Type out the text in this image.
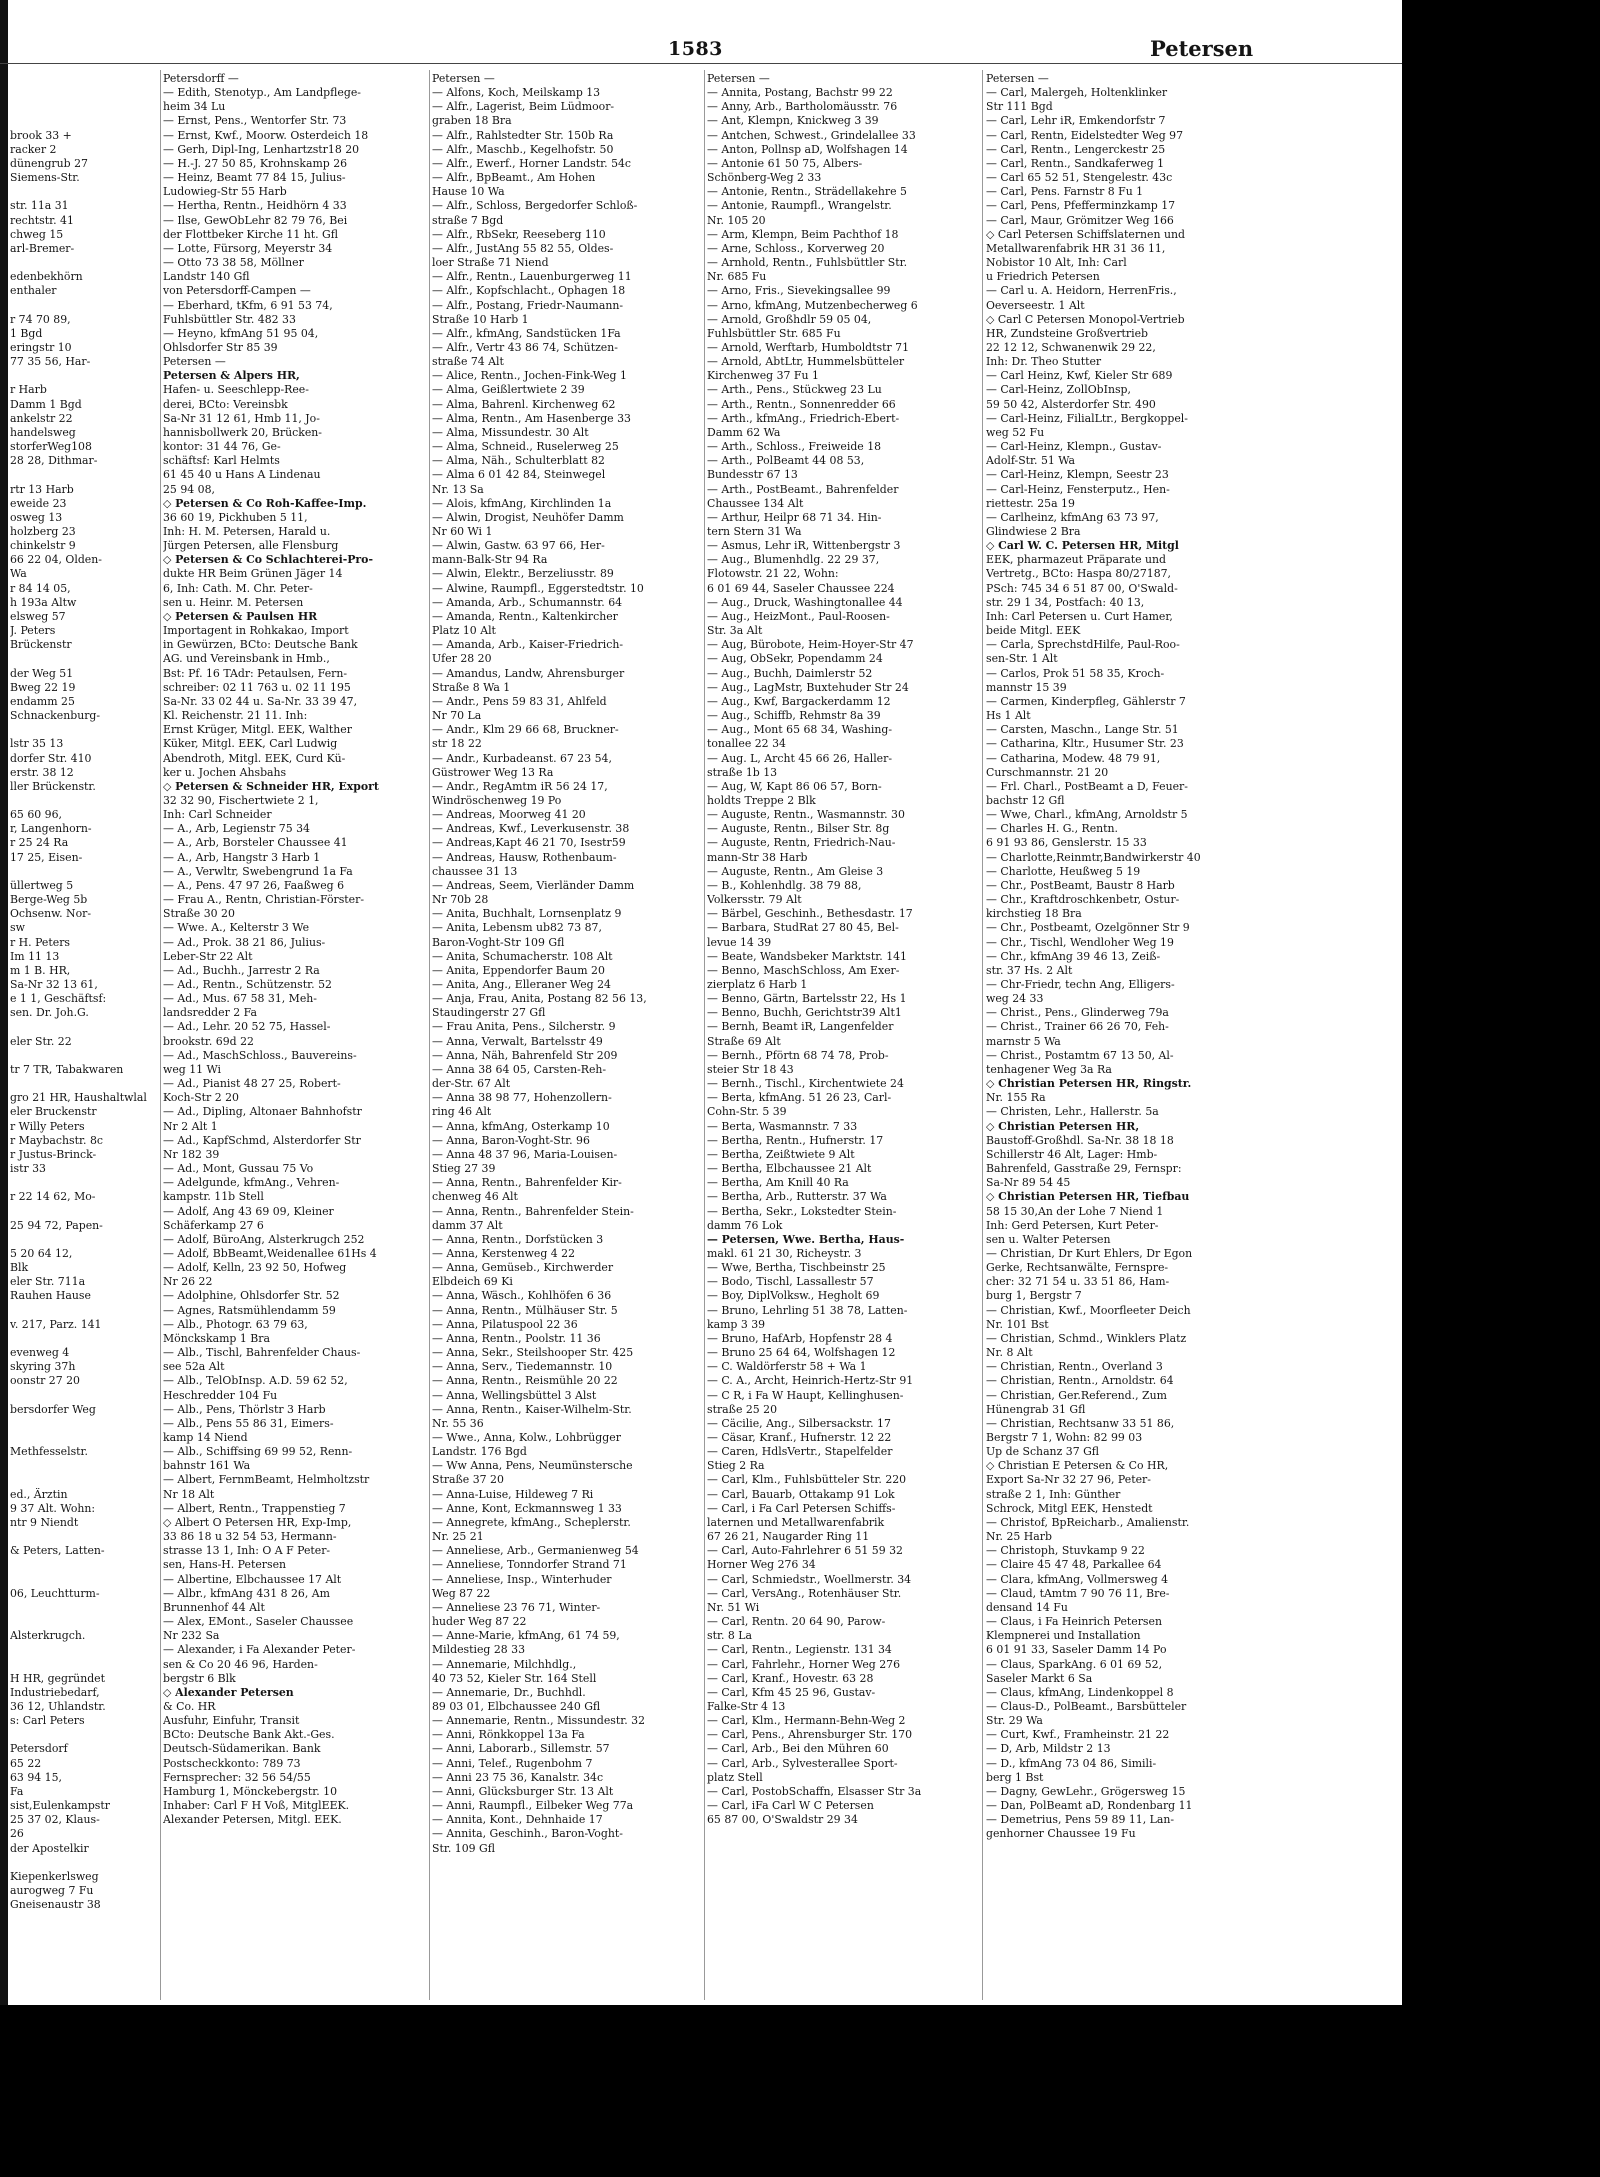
1583	Petersen

brook 33 +
racker 2
dünengrub 27
Siemens-Str.

str. 11a 31
rechtstr. 41
chweg 15
arl-Bremer-

edenbekhörn
enthaler

r 74 70 89,
1 Bgd
eringstr 10
77 35 56, Har-

r Harb
Damm 1 Bgd
ankelstr 22
handelsweg
storferWeg108
28 28, Dithmar-

rtr 13 Harb
eweide 23
osweg 13
holzberg 23
chinkelstr 9
66 22 04, Olden-
Wa
r 84 14 05,
h 193a Altw
elsweg 57
J. Peters
Brückenstr

der Weg 51
Bweg 22 19
endamm 25
Schnackenburg-

lstr 35 13
dorfer Str. 410
erstr. 38 12
ller Brückenstr.

65 60 96,
r, Langenhorn-
r 25 24 Ra
17 25, Eisen-

üllertweg 5
Berge-Weg 5b
Ochsenw. Nor-
sw
r H. Peters
Im 11 13
m 1 B. HR,
Sa-Nr 32 13 61,
e 1 1, Geschäftsf:
sen. Dr. Joh.G.

eler Str. 22

tr 7 TR, Tabakwaren

gro 21 HR, Haushaltwlal
eler Bruckenstr
r Willy Peters
r Maybachstr. 8c
r Justus-Brinck-
istr 33

r 22 14 62, Mo-

25 94 72, Papen-

5 20 64 12,
Blk
eler Str. 711a
Rauhen Hause

v. 217, Parz. 141

evenweg 4
skyring 37h
oonstr 27 20

bersdorfer Weg

Methfesselstr.

ed., Ärztin
9 37 Alt. Wohn:
ntr 9 Niendt

& Peters, Latten-

06, Leuchtturm-

Alsterkrugch.

H HR, gegründet
Industriebedarf,
36 12, Uhlandstr.
s: Carl Peters

Petersdorf
65 22
63 94 15,
Fa
sist,Eulenkampstr
25 37 02, Klaus-
26
der Apostelkir

Kiepenkerlsweg
aurogweg 7 Fu
Gneisenaustr 38
Petersdorff —
— Edith, Stenotyp., Am Landpflege-
heim 34 Lu
— Ernst, Pens., Wentorfer Str. 73
— Ernst, Kwf., Moorw. Osterdeich 18
— Gerh, Dipl-Ing, Lenhartzstr18 20
— H.-J. 27 50 85, Krohnskamp 26
— Heinz, Beamt 77 84 15, Julius-
Ludowieg-Str 55 Harb
— Hertha, Rentn., Heidhörn 4 33
— Ilse, GewObLehr 82 79 76, Bei
der Flottbeker Kirche 11 ht. Gfl
— Lotte, Fürsorg, Meyerstr 34
— Otto 73 38 58, Möllner
Landstr 140 Gfl
von Petersdorff-Campen —
— Eberhard, tKfm, 6 91 53 74,
Fuhlsbüttler Str. 482 33
— Heyno, kfmAng 51 95 04,
Ohlsdorfer Str 85 39
Petersen —
Petersen & Alpers HR,
Hafen- u. Seeschlepp-Ree-
derei, BCto: Vereinsbk
Sa-Nr 31 12 61, Hmb 11, Jo-
hannisbollwerk 20, Brücken-
kontor: 31 44 76, Ge-
schäftsf: Karl Helmts
61 45 40 u Hans A Lindenau
25 94 08,
◇ Petersen & Co Roh-Kaffee-Imp.
36 60 19, Pickhuben 5 11,
Inh: H. M. Petersen, Harald u.
Jürgen Petersen, alle Flensburg
◇ Petersen & Co Schlachterei-Pro-
dukte HR Beim Grünen Jäger 14
6, Inh: Cath. M. Chr. Peter-
sen u. Heinr. M. Petersen
◇ Petersen & Paulsen HR
Importagent in Rohkakao, Import
in Gewürzen, BCto: Deutsche Bank
AG. und Vereinsbank in Hmb.,
Bst: Pf. 16 TAdr: Petaulsen, Fern-
schreiber: 02 11 763 u. 02 11 195
Sa-Nr. 33 02 44 u. Sa-Nr. 33 39 47,
Kl. Reichenstr. 21 11. Inh:
Ernst Krüger, Mitgl. EEK, Walther
Küker, Mitgl. EEK, Carl Ludwig
Abendroth, Mitgl. EEK, Curd Kü-
ker u. Jochen Ahsbahs
◇ Petersen & Schneider HR, Export
32 32 90, Fischertwiete 2 1,
Inh: Carl Schneider
— A., Arb, Legienstr 75 34
— A., Arb, Borsteler Chaussee 41
— A., Arb, Hangstr 3 Harb 1
— A., Verwltr, Swebengrund 1a Fa
— A., Pens. 47 97 26, Faaßweg 6
— Frau A., Rentn, Christian-Förster-
Straße 30 20
— Wwe. A., Kelterstr 3 We
— Ad., Prok. 38 21 86, Julius-
Leber-Str 22 Alt
— Ad., Buchh., Jarrestr 2 Ra
— Ad., Rentn., Schützenstr. 52
— Ad., Mus. 67 58 31, Meh-
landsredder 2 Fa
— Ad., Lehr. 20 52 75, Hassel-
brookstr. 69d 22
— Ad., MaschSchloss., Bauvereins-
weg 11 Wi
— Ad., Pianist 48 27 25, Robert-
Koch-Str 2 20
— Ad., Dipling, Altonaer Bahnhofstr
Nr 2 Alt 1
— Ad., KapfSchmd, Alsterdorfer Str
Nr 182 39
— Ad., Mont, Gussau 75 Vo
— Adelgunde, kfmAng., Vehren-
kampstr. 11b Stell
— Adolf, Ang 43 69 09, Kleiner
Schäferkamp 27 6
— Adolf, BüroAng, Alsterkrugch 252
— Adolf, BbBeamt,Weidenallee 61Hs 4
— Adolf, Kelln, 23 92 50, Hofweg
Nr 26 22
— Adolphine, Ohlsdorfer Str. 52
— Agnes, Ratsmühlendamm 59
— Alb., Photogr. 63 79 63,
Mönckskamp 1 Bra
— Alb., Tischl, Bahrenfelder Chaus-
see 52a Alt
— Alb., TelObInsp. A.D. 59 62 52,
Heschredder 104 Fu
— Alb., Pens, Thörlstr 3 Harb
— Alb., Pens 55 86 31, Eimers-
kamp 14 Niend
— Alb., Schiffsing 69 99 52, Renn-
bahnstr 161 Wa
— Albert, FernmBeamt, Helmholtzstr
Nr 18 Alt
— Albert, Rentn., Trappenstieg 7
◇ Albert O Petersen HR, Exp-Imp,
33 86 18 u 32 54 53, Hermann-
strasse 13 1, Inh: O A F Peter-
sen, Hans-H. Petersen
— Albertine, Elbchaussee 17 Alt
— Albr., kfmAng 431 8 26, Am
Brunnenhof 44 Alt
— Alex, EMont., Saseler Chaussee
Nr 232 Sa
— Alexander, i Fa Alexander Peter-
sen & Co 20 46 96, Harden-
bergstr 6 Blk
◇ Alexander Petersen
& Co. HR
Ausfuhr, Einfuhr, Transit
BCto: Deutsche Bank Akt.-Ges.
Deutsch-Südamerikan. Bank
Postscheckkonto: 789 73
Fernsprecher: 32 56 54/55
Hamburg 1, Mönckebergstr. 10
Inhaber: Carl F H Voß, MitglEEK.
Alexander Petersen, Mitgl. EEK.
Petersen —
— Alfons, Koch, Meilskamp 13
— Alfr., Lagerist, Beim Lüdmoor-
graben 18 Bra
— Alfr., Rahlstedter Str. 150b Ra
— Alfr., Maschb., Kegelhofstr. 50
— Alfr., Ewerf., Horner Landstr. 54c
— Alfr., BpBeamt., Am Hohen
Hause 10 Wa
— Alfr., Schloss, Bergedorfer Schloß-
straße 7 Bgd
— Alfr., RbSekr, Reeseberg 110
— Alfr., JustAng 55 82 55, Oldes-
loer Straße 71 Niend
— Alfr., Rentn., Lauenburgerweg 11
— Alfr., Kopfschlacht., Ophagen 18
— Alfr., Postang, Friedr-Naumann-
Straße 10 Harb 1
— Alfr., kfmAng, Sandstücken 1Fa
— Alfr., Vertr 43 86 74, Schützen-
straße 74 Alt
— Alice, Rentn., Jochen-Fink-Weg 1
— Alma, Geißlertwiete 2 39
— Alma, Bahrenl. Kirchenweg 62
— Alma, Rentn., Am Hasenberge 33
— Alma, Missundestr. 30 Alt
— Alma, Schneid., Ruselerweg 25
— Alma, Näh., Schulterblatt 82
— Alma 6 01 42 84, Steinwegel
Nr. 13 Sa
— Alois, kfmAng, Kirchlinden 1a
— Alwin, Drogist, Neuhöfer Damm
Nr 60 Wi 1
— Alwin, Gastw. 63 97 66, Her-
mann-Balk-Str 94 Ra
— Alwin, Elektr., Berzeliusstr. 89
— Alwine, Raumpfl., Eggerstedtstr. 10
— Amanda, Arb., Schumannstr. 64
— Amanda, Rentn., Kaltenkircher
Platz 10 Alt
— Amanda, Arb., Kaiser-Friedrich-
Ufer 28 20
— Amandus, Landw, Ahrensburger
Straße 8 Wa 1
— Andr., Pens 59 83 31, Ahlfeld
Nr 70 La
— Andr., Klm 29 66 68, Bruckner-
str 18 22
— Andr., Kurbadeanst. 67 23 54,
Güstrower Weg 13 Ra
— Andr., RegAmtm iR 56 24 17,
Windröschenweg 19 Po
— Andreas, Moorweg 41 20
— Andreas, Kwf., Leverkusenstr. 38
— Andreas,Kapt 46 21 70, Isestr59
— Andreas, Hausw, Rothenbaum-
chaussee 31 13
— Andreas, Seem, Vierländer Damm
Nr 70b 28
— Anita, Buchhalt, Lornsenplatz 9
— Anita, Lebensm ub82 73 87,
Baron-Voght-Str 109 Gfl
— Anita, Schumacherstr. 108 Alt
— Anita, Eppendorfer Baum 20
— Anita, Ang., Elleraner Weg 24
— Anja, Frau, Anita, Postang 82 56 13,
Staudingerstr 27 Gfl
— Frau Anita, Pens., Silcherstr. 9
— Anna, Verwalt, Bartelsstr 49
— Anna, Näh, Bahrenfeld Str 209
— Anna 38 64 05, Carsten-Reh-
der-Str. 67 Alt
— Anna 38 98 77, Hohenzollern-
ring 46 Alt
— Anna, kfmAng, Osterkamp 10
— Anna, Baron-Voght-Str. 96
— Anna 48 37 96, Maria-Louisen-
Stieg 27 39
— Anna, Rentn., Bahrenfelder Kir-
chenweg 46 Alt
— Anna, Rentn., Bahrenfelder Stein-
damm 37 Alt
— Anna, Rentn., Dorfstücken 3
— Anna, Kerstenweg 4 22
— Anna, Gemüseb., Kirchwerder
Elbdeich 69 Ki
— Anna, Wäsch., Kohlhöfen 6 36
— Anna, Rentn., Mülhäuser Str. 5
— Anna, Pilatuspool 22 36
— Anna, Rentn., Poolstr. 11 36
— Anna, Sekr., Steilshooper Str. 425
— Anna, Serv., Tiedemannstr. 10
— Anna, Rentn., Reismühle 20 22
— Anna, Wellingsbüttel 3 Alst
— Anna, Rentn., Kaiser-Wilhelm-Str.
Nr. 55 36
— Wwe., Anna, Kolw., Lohbrügger
Landstr. 176 Bgd
— Ww Anna, Pens, Neumünstersche
Straße 37 20
— Anna-Luise, Hildeweg 7 Ri
— Anne, Kont, Eckmannsweg 1 33
— Annegrete, kfmAng., Scheplerstr.
Nr. 25 21
— Anneliese, Arb., Germanienweg 54
— Anneliese, Tonndorfer Strand 71
— Anneliese, Insp., Winterhuder
Weg 87 22
— Anneliese 23 76 71, Winter-
huder Weg 87 22
— Anne-Marie, kfmAng, 61 74 59,
Mildestieg 28 33
— Annemarie, Milchhdlg.,
40 73 52, Kieler Str. 164 Stell
— Annemarie, Dr., Buchhdl.
89 03 01, Elbchaussee 240 Gfl
— Annemarie, Rentn., Missundestr. 32
— Anni, Rönkkoppel 13a Fa
— Anni, Laborarb., Sillemstr. 57
— Anni, Telef., Rugenbohm 7
— Anni 23 75 36, Kanalstr. 34c
— Anni, Glücksburger Str. 13 Alt
— Anni, Raumpfl., Eilbeker Weg 77a
— Annita, Kont., Dehnhaide 17
— Annita, Geschinh., Baron-Voght-
Str. 109 Gfl
Petersen —
— Annita, Postang, Bachstr 99 22
— Anny, Arb., Bartholomäusstr. 76
— Ant, Klempn, Knickweg 3 39
— Antchen, Schwest., Grindelallee 33
— Anton, Pollnsp aD, Wolfshagen 14
— Antonie 61 50 75, Albers-
Schönberg-Weg 2 33
— Antonie, Rentn., Strädellakehre 5
— Antonie, Raumpfl., Wrangelstr.
Nr. 105 20
— Arm, Klempn, Beim Pachthof 18
— Arne, Schloss., Korverweg 20
— Arnhold, Rentn., Fuhlsbüttler Str.
Nr. 685 Fu
— Arno, Fris., Sievekingsallee 99
— Arno, kfmAng, Mutzenbecherweg 6
— Arnold, Großhdlr 59 05 04,
Fuhlsbüttler Str. 685 Fu
— Arnold, Werftarb, Humboldtstr 71
— Arnold, AbtLtr, Hummelsbütteler
Kirchenweg 37 Fu 1
— Arth., Pens., Stückweg 23 Lu
— Arth., Rentn., Sonnenredder 66
— Arth., kfmAng., Friedrich-Ebert-
Damm 62 Wa
— Arth., Schloss., Freiweide 18
— Arth., PolBeamt 44 08 53,
Bundesstr 67 13
— Arth., PostBeamt., Bahrenfelder
Chaussee 134 Alt
— Arthur, Heilpr 68 71 34. Hin-
tern Stern 31 Wa
— Asmus, Lehr iR, Wittenbergstr 3
— Aug., Blumenhdlg. 22 29 37,
Flotowstr. 21 22, Wohn:
6 01 69 44, Saseler Chaussee 224
— Aug., Druck, Washingtonallee 44
— Aug., HeizMont., Paul-Roosen-
Str. 3a Alt
— Aug, Bürobote, Heim-Hoyer-Str 47
— Aug, ObSekr, Popendamm 24
— Aug., Buchh, Daimlerstr 52
— Aug., LagMstr, Buxtehuder Str 24
— Aug., Kwf, Bargackerdamm 12
— Aug., Schiffb, Rehmstr 8a 39
— Aug., Mont 65 68 34, Washing-
tonallee 22 34
— Aug. L, Archt 45 66 26, Haller-
straße 1b 13
— Aug, W, Kapt 86 06 57, Born-
holdts Treppe 2 Blk
— Auguste, Rentn., Wasmannstr. 30
— Auguste, Rentn., Bilser Str. 8g
— Auguste, Rentn, Friedrich-Nau-
mann-Str 38 Harb
— Auguste, Rentn., Am Gleise 3
— B., Kohlenhdlg. 38 79 88,
Volkersstr. 79 Alt
— Bärbel, Geschinh., Bethesdastr. 17
— Barbara, StudRat 27 80 45, Bel-
levue 14 39
— Beate, Wandsbeker Marktstr. 141
— Benno, MaschSchloss, Am Exer-
zierplatz 6 Harb 1
— Benno, Gärtn, Bartelsstr 22, Hs 1
— Benno, Buchh, Gerichtstr39 Alt1
— Bernh, Beamt iR, Langenfelder
Straße 69 Alt
— Bernh., Pförtn 68 74 78, Prob-
steier Str 18 43
— Bernh., Tischl., Kirchentwiete 24
— Berta, kfmAng. 51 26 23, Carl-
Cohn-Str. 5 39
— Berta, Wasmannstr. 7 33
— Bertha, Rentn., Hufnerstr. 17
— Bertha, Zeißtwiete 9 Alt
— Bertha, Elbchaussee 21 Alt
— Bertha, Am Knill 40 Ra
— Bertha, Arb., Rutterstr. 37 Wa
— Bertha, Sekr., Lokstedter Stein-
damm 76 Lok
— Petersen, Wwe. Bertha, Haus-
makl. 61 21 30, Richeystr. 3
— Wwe, Bertha, Tischbeinstr 25
— Bodo, Tischl, Lassallestr 57
— Boy, DiplVolksw., Hegholt 69
— Bruno, Lehrling 51 38 78, Latten-
kamp 3 39
— Bruno, HafArb, Hopfenstr 28 4
— Bruno 25 64 64, Wolfshagen 12
— C. Waldörferstr 58 + Wa 1
— C. A., Archt, Heinrich-Hertz-Str 91
— C R, i Fa W Haupt, Kellinghusen-
straße 25 20
— Cäcilie, Ang., Silbersackstr. 17
— Cäsar, Kranf., Hufnerstr. 12 22
— Caren, HdlsVertr., Stapelfelder
Stieg 2 Ra
— Carl, Klm., Fuhlsbütteler Str. 220
— Carl, Bauarb, Ottakamp 91 Lok
— Carl, i Fa Carl Petersen Schiffs-
laternen und Metallwarenfabrik
67 26 21, Naugarder Ring 11
— Carl, Auto-Fahrlehrer 6 51 59 32
Horner Weg 276 34
— Carl, Schmiedstr., Woellmerstr. 34
— Carl, VersAng., Rotenhäuser Str.
Nr. 51 Wi
— Carl, Rentn. 20 64 90, Parow-
str. 8 La
— Carl, Rentn., Legienstr. 131 34
— Carl, Fahrlehr., Horner Weg 276
— Carl, Kranf., Hovestr. 63 28
— Carl, Kfm 45 25 96, Gustav-
Falke-Str 4 13
— Carl, Klm., Hermann-Behn-Weg 2
— Carl, Pens., Ahrensburger Str. 170
— Carl, Arb., Bei den Mühren 60
— Carl, Arb., Sylvesterallee Sport-
platz Stell
— Carl, PostobSchaffn, Elsasser Str 3a
— Carl, iFa Carl W C Petersen
65 87 00, O'Swaldstr 29 34
Petersen —
— Carl, Malergeh, Holtenklinker
Str 111 Bgd
— Carl, Lehr iR, Emkendorfstr 7
— Carl, Rentn, Eidelstedter Weg 97
— Carl, Rentn., Lengerckestr 25
— Carl, Rentn., Sandkaferweg 1
— Carl 65 52 51, Stengelestr. 43c
— Carl, Pens. Farnstr 8 Fu 1
— Carl, Pens, Pfefferminzkamp 17
— Carl, Maur, Grömitzer Weg 166
◇ Carl Petersen Schiffslaternen und
Metallwarenfabrik HR 31 36 11,
Nobistor 10 Alt, Inh: Carl
u Friedrich Petersen
— Carl u. A. Heidorn, HerrenFris.,
Oeverseestr. 1 Alt
◇ Carl C Petersen Monopol-Vertrieb
HR, Zundsteine Großvertrieb
22 12 12, Schwanenwik 29 22,
Inh: Dr. Theo Stutter
— Carl Heinz, Kwf, Kieler Str 689
— Carl-Heinz, ZollObInsp,
59 50 42, Alsterdorfer Str. 490
— Carl-Heinz, FilialLtr., Bergkoppel-
weg 52 Fu
— Carl-Heinz, Klempn., Gustav-
Adolf-Str. 51 Wa
— Carl-Heinz, Klempn, Seestr 23
— Carl-Heinz, Fensterputz., Hen-
riettestr. 25a 19
— Carlheinz, kfmAng 63 73 97,
Glindwiese 2 Bra
◇ Carl W. C. Petersen HR, Mitgl
EEK, pharmazeut Präparate und
Vertretg., BCto: Haspa 80/27187,
PSch: 745 34 6 51 87 00, O'Swald-
str. 29 1 34, Postfach: 40 13,
Inh: Carl Petersen u. Curt Hamer,
beide Mitgl. EEK
— Carla, SprechstdHilfe, Paul-Roo-
sen-Str. 1 Alt
— Carlos, Prok 51 58 35, Kroch-
mannstr 15 39
— Carmen, Kinderpfleg, Gählerstr 7
Hs 1 Alt
— Carsten, Maschn., Lange Str. 51
— Catharina, Kltr., Husumer Str. 23
— Catharina, Modew. 48 79 91,
Curschmannstr. 21 20
— Frl. Charl., PostBeamt a D, Feuer-
bachstr 12 Gfl
— Wwe, Charl., kfmAng, Arnoldstr 5
— Charles H. G., Rentn.
6 91 93 86, Genslerstr. 15 33
— Charlotte,Reinmtr,Bandwirkerstr 40
— Charlotte, Heußweg 5 19
— Chr., PostBeamt, Baustr 8 Harb
— Chr., Kraftdroschkenbetr, Ostur-
kirchstieg 18 Bra
— Chr., Postbeamt, Ozelgönner Str 9
— Chr., Tischl, Wendloher Weg 19
— Chr., kfmAng 39 46 13, Zeiß-
str. 37 Hs. 2 Alt
— Chr-Friedr, techn Ang, Elligers-
weg 24 33
— Christ., Pens., Glinderweg 79a
— Christ., Trainer 66 26 70, Feh-
marnstr 5 Wa
— Christ., Postamtm 67 13 50, Al-
tenhagener Weg 3a Ra
◇ Christian Petersen HR, Ringstr.
Nr. 155 Ra
— Christen, Lehr., Hallerstr. 5a
◇ Christian Petersen HR,
Baustoff-Großhdl. Sa-Nr. 38 18 18
Schillerstr 46 Alt, Lager: Hmb-
Bahrenfeld, Gasstraße 29, Fernspr:
Sa-Nr 89 54 45
◇ Christian Petersen HR, Tiefbau
58 15 30,An der Lohe 7 Niend 1
Inh: Gerd Petersen, Kurt Peter-
sen u. Walter Petersen
— Christian, Dr Kurt Ehlers, Dr Egon
Gerke, Rechtsanwälte, Fernspre-
cher: 32 71 54 u. 33 51 86, Ham-
burg 1, Bergstr 7
— Christian, Kwf., Moorfleeter Deich
Nr. 101 Bst
— Christian, Schmd., Winklers Platz
Nr. 8 Alt
— Christian, Rentn., Overland 3
— Christian, Rentn., Arnoldstr. 64
— Christian, Ger.Referend., Zum
Hünengrab 31 Gfl
— Christian, Rechtsanw 33 51 86,
Bergstr 7 1, Wohn: 82 99 03
Up de Schanz 37 Gfl
◇ Christian E Petersen & Co HR,
Export Sa-Nr 32 27 96, Peter-
straße 2 1, Inh: Günther
Schrock, Mitgl EEK, Henstedt
— Christof, BpReicharb., Amalienstr.
Nr. 25 Harb
— Christoph, Stuvkamp 9 22
— Claire 45 47 48, Parkallee 64
— Clara, kfmAng, Vollmersweg 4
— Claud, tAmtm 7 90 76 11, Bre-
densand 14 Fu
— Claus, i Fa Heinrich Petersen
Klempnerei und Installation
6 01 91 33, Saseler Damm 14 Po
— Claus, SparkAng. 6 01 69 52,
Saseler Markt 6 Sa
— Claus, kfmAng, Lindenkoppel 8
— Claus-D., PolBeamt., Barsbütteler
Str. 29 Wa
— Curt, Kwf., Framheinstr. 21 22
— D, Arb, Mildstr 2 13
— D., kfmAng 73 04 86, Simili-
berg 1 Bst
— Dagny, GewLehr., Grögersweg 15
— Dan, PolBeamt aD, Rondenbarg 11
— Demetrius, Pens 59 89 11, Lan-
genhorner Chaussee 19 Fu
